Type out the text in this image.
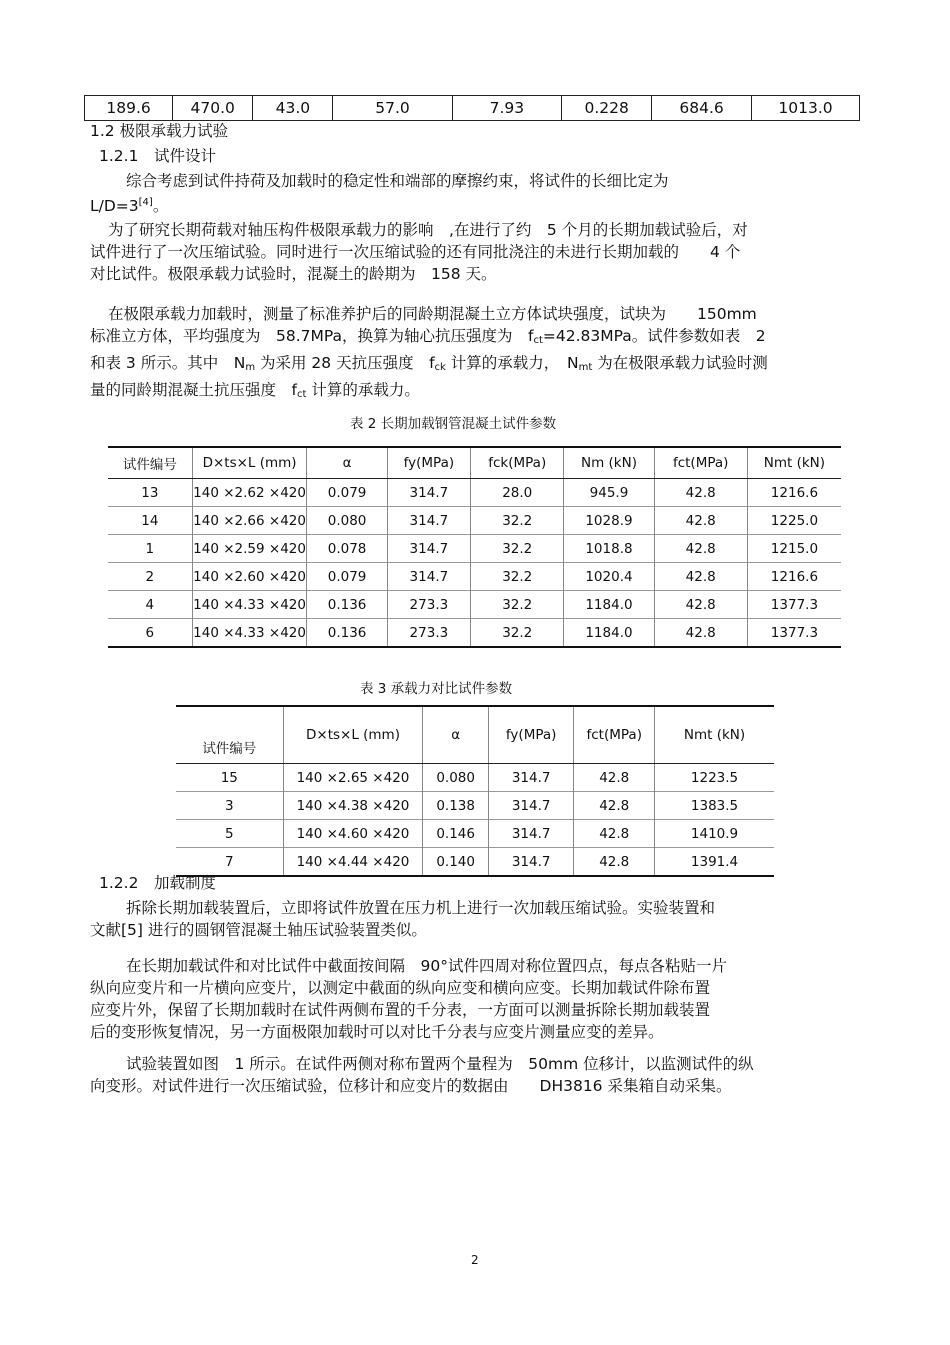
189.6	470.0	43.0	57.0	7.93	0.228	684.6	1013.0
1.2 极限承载力试验
1.2.1　试件设计
综合考虑到试件持荷及加载时的稳定性和端部的摩擦约束，将试件的长细比定为
L/D=3[4]。
为了研究长期荷载对轴压构件极限承载力的影响　,在进行了约　5 个月的长期加载试验后，对
试件进行了一次压缩试验。同时进行一次压缩试验的还有同批浇注的未进行长期加载的　　4 个
对比试件。极限承载力试验时，混凝土的龄期为　158 天。
在极限承载力加载时，测量了标准养护后的同龄期混凝土立方体试块强度，试块为　　150mm
标准立方体，平均强度为　58.7MPa，换算为轴心抗压强度为　$f_{ct}=42.83MPa$。试件参数如表　2
和表 3 所示。其中　$N_m$ 为采用 28 天抗压强度　$f_{ck}$ 计算的承载力，　$N_{mt}$ 为在极限承载力试验时测
量的同龄期混凝土抗压强度　$f_{ct}$ 计算的承载力。
表 2 长期加载钢管混凝土试件参数
试件编号	D×ts×L (mm)	α	fy(MPa)	fck(MPa)	Nm (kN)	fct(MPa)	Nmt (kN)
13	140 ×2.62 ×420	0.079	314.7	28.0	945.9	42.8	1216.6
14	140 ×2.66 ×420	0.080	314.7	32.2	1028.9	42.8	1225.0
1	140 ×2.59 ×420	0.078	314.7	32.2	1018.8	42.8	1215.0
2	140 ×2.60 ×420	0.079	314.7	32.2	1020.4	42.8	1216.6
4	140 ×4.33 ×420	0.136	273.3	32.2	1184.0	42.8	1377.3
6	140 ×4.33 ×420	0.136	273.3	32.2	1184.0	42.8	1377.3
表 3 承载力对比试件参数
试件编号	D×ts×L (mm)	α	fy(MPa)	fct(MPa)	Nmt (kN)
15	140 ×2.65 ×420	0.080	314.7	42.8	1223.5
3	140 ×4.38 ×420	0.138	314.7	42.8	1383.5
5	140 ×4.60 ×420	0.146	314.7	42.8	1410.9
7	140 ×4.44 ×420	0.140	314.7	42.8	1391.4
1.2.2　加载制度
拆除长期加载装置后，立即将试件放置在压力机上进行一次加载压缩试验。实验装置和
文献[5] 进行的圆钢管混凝土轴压试验装置类似。
在长期加载试件和对比试件中截面按间隔　90°试件四周对称位置四点，每点各粘贴一片
纵向应变片和一片横向应变片，以测定中截面的纵向应变和横向应变。长期加载试件除布置
应变片外，保留了长期加载时在试件两侧布置的千分表，一方面可以测量拆除长期加载装置
后的变形恢复情况，另一方面极限加载时可以对比千分表与应变片测量应变的差异。
试验装置如图　1 所示。在试件两侧对称布置两个量程为　50mm 位移计，以监测试件的纵
向变形。对试件进行一次压缩试验，位移计和应变片的数据由　　DH3816 采集箱自动采集。
2
